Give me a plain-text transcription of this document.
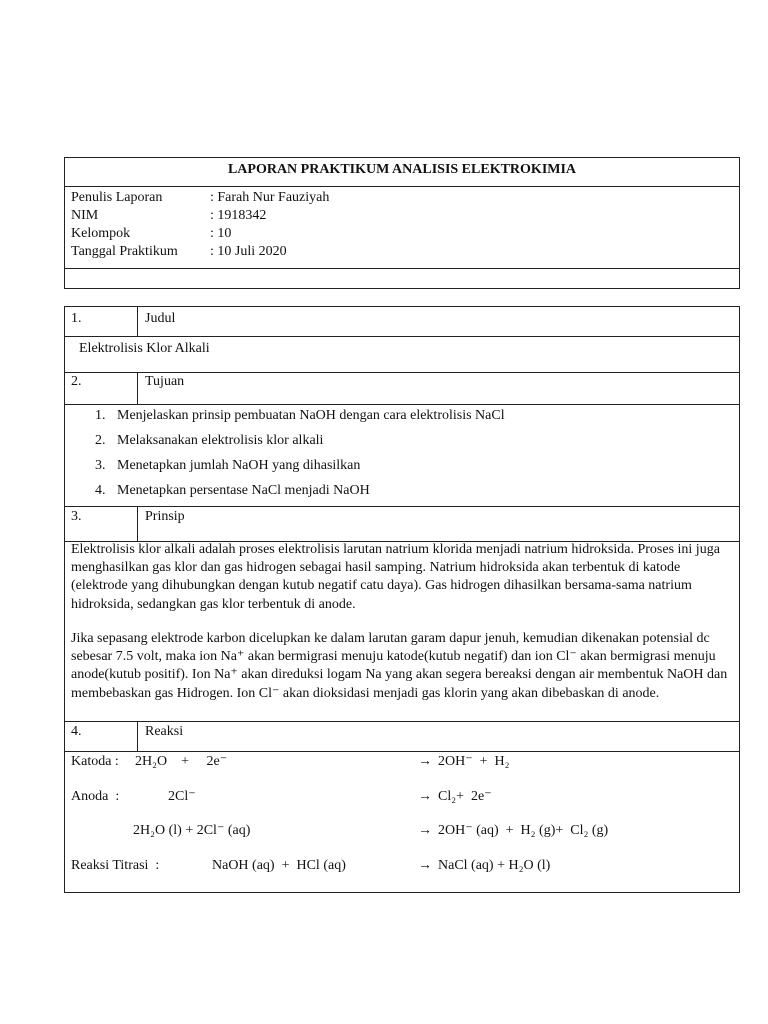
LAPORAN PRAKTIKUM ANALISIS ELEKTROKIMIA
Penulis Laporan	: Farah Nur Fauziyah
NIM	: 1918342
Kelompok	: 10
Tanggal Praktikum : 10 Juli 2020
1.	Judul
Elektrolisis Klor Alkali
2.	Tujuan
1. Menjelaskan prinsip pembuatan NaOH dengan cara elektrolisis NaCl
2. Melaksanakan elektrolisis klor alkali
3. Menetapkan jumlah NaOH yang dihasilkan
4. Menetapkan persentase NaCl menjadi NaOH
3.	Prinsip
Elektrolisis klor alkali adalah proses elektrolisis larutan natrium klorida menjadi natrium hidroksida. Proses ini juga menghasilkan gas klor dan gas hidrogen sebagai hasil samping. Natrium hidroksida akan terbentuk di katode (elektrode yang dihubungkan dengan kutub negatif catu daya). Gas hidrogen dihasilkan bersama-sama natrium hidroksida, sedangkan gas klor terbentuk di anode.
Jika sepasang elektrode karbon dicelupkan ke dalam larutan garam dapur jenuh, kemudian dikenakan potensial dc sebesar 7.5 volt, maka ion Na⁺ akan bermigrasi menuju katode(kutub negatif) dan ion Cl⁻ akan bermigrasi menuju anode(kutub positif). Ion Na⁺ akan direduksi logam Na yang akan segera bereaksi dengan air membentuk NaOH dan membebaskan gas Hidrogen. Ion Cl⁻ akan dioksidasi menjadi gas klorin yang akan dibebaskan di anode.
4.	Reaksi
Katoda : 2H₂O    +     2e⁻	→ 2OH⁻  +  H₂
Anoda  :	2Cl⁻	→ Cl₂+  2e⁻
2H₂O (l) + 2Cl⁻ (aq)	→ 2OH⁻ (aq)  +  H₂ (g)+  Cl₂ (g)
Reaksi Titrasi  :	NaOH (aq)  +  HCl (aq)	→ NaCl (aq) + H₂O (l)
